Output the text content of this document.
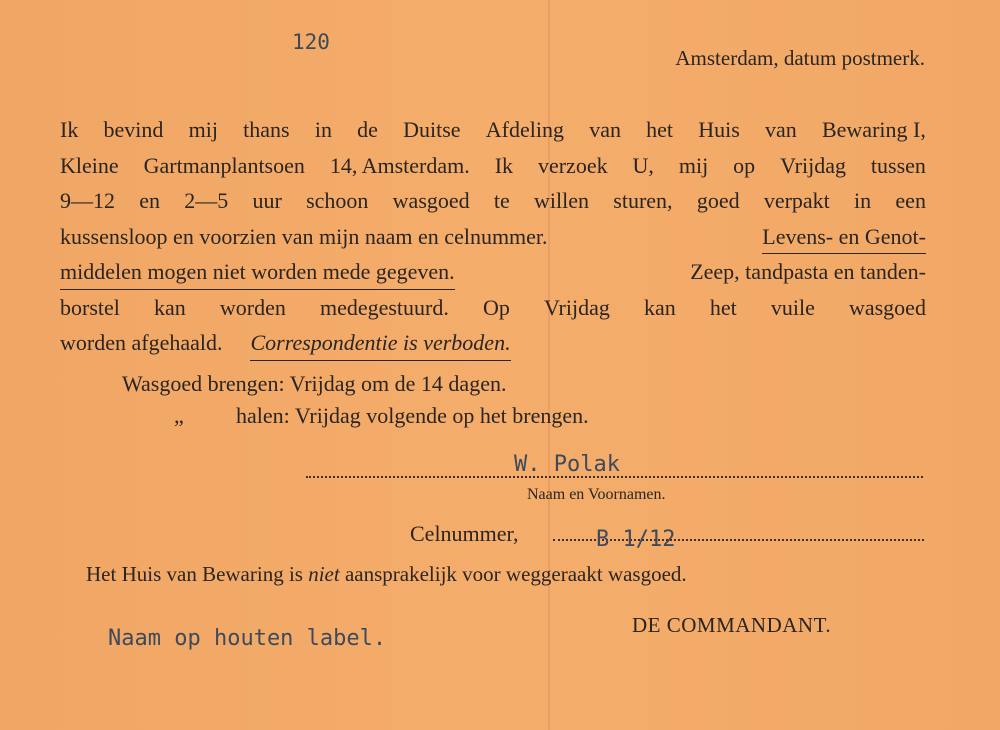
120
Amsterdam, datum postmerk.
Ik bevind mij thans in de Duitse Afdeling van het Huis van Bewaring I,
Kleine Gartmanplantsoen 14, Amsterdam. Ik verzoek U, mij op Vrijdag tussen
9—12 en 2—5 uur schoon wasgoed te willen sturen, goed verpakt in een
kussensloop en voorzien van mijn naam en celnummer.	Levens- en Genot-
middelen mogen niet worden mede gegeven.	Zeep, tandpasta en tanden-
borstel kan worden medegestuurd. Op Vrijdag kan het vuile wasgoed
worden afgehaald. Correspondentie is verboden.
Wasgoed brengen: Vrijdag om de 14 dagen.
„ halen: Vrijdag volgende op het brengen.
W. Polak
Naam en Voornamen.
Celnummer,	B 1/12
Het Huis van Bewaring is niet aansprakelijk voor weggeraakt wasgoed.
Naam op houten label.
DE COMMANDANT.
